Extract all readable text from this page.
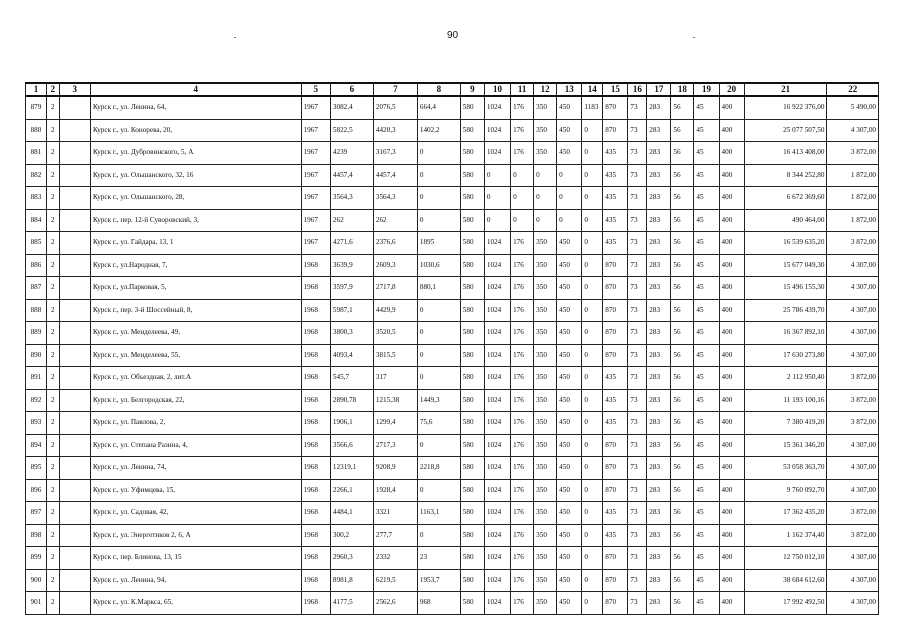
90
1	2	3	4	5	6	7	8	9	10	11	12	13	14	15	16	17	18	19	20	21	22
879	2		Курск г., ул. Ленина, 64,	1967	3082,4	2076,5	664,4	580	1024	176	350	450	1183	870	73	283	56	45	400	16 922 376,00	5 490,00
880	2		Курск г., ул. Конорева, 20,	1967	5822,5	4420,3	1402,2	580	1024	176	350	450	0	870	73	283	56	45	400	25 077 507,50	4 307,00
881	2		Курск г., ул. Дубровинского, 5, А	1967	4239	3167,3	0	580	1024	176	350	450	0	435	73	283	56	45	400	16 413 408,00	3 872,00
882	2		Курск г., ул. Ольшанского, 32, 16	1967	4457,4	4457,4	0	580	0	0	0	0	0	435	73	283	56	45	400	8 344 252,80	1 872,00
883	2		Курск г., ул. Ольшанского, 28,	1967	3564,3	3564,3	0	580	0	0	0	0	0	435	73	283	56	45	400	6 672 369,60	1 872,00
884	2		Курск г., пер. 12-й Суворовский, 3,	1967	262	262	0	580	0	0	0	0	0	435	73	283	56	45	400	490 464,00	1 872,00
885	2		Курск г., ул. Гайдара, 13, 1	1967	4271,6	2376,6	1895	580	1024	176	350	450	0	435	73	283	56	45	400	16 539 635,20	3 872,00
886	2		Курск г., ул.Народная, 7,	1968	3639,9	2609,3	1030,6	580	1024	176	350	450	0	870	73	283	56	45	400	15 677 049,30	4 307,00
887	2		Курск г., ул.Парковая, 5,	1968	3597,9	2717,8	880,1	580	1024	176	350	450	0	870	73	283	56	45	400	15 496 155,30	4 307,00
888	2		Курск г., пер. 3-й Шоссейный, 8,	1968	5987,1	4429,9	0	580	1024	176	350	450	0	870	73	283	56	45	400	25 786 439,70	4 307,00
889	2		Курск г., ул. Менделеева, 49,	1968	3800,3	3520,5	0	580	1024	176	350	450	0	870	73	283	56	45	400	16 367 892,10	4 307,00
890	2		Курск г., ул. Менделеева, 55,	1968	4093,4	3815,5	0	580	1024	176	350	450	0	870	73	283	56	45	400	17 630 273,80	4 307,00
891	2		Курск г., ул. Объездная, 2, лит.А	1968	545,7	317	0	580	1024	176	350	450	0	435	73	283	56	45	400	2 112 950,40	3 872,00
892	2		Курск г., ул. Белгородская, 22,	1968	2890,78	1215,38	1449,3	580	1024	176	350	450	0	435	73	283	56	45	400	11 193 100,16	3 872,00
893	2		Курск г., ул. Павлова, 2,	1968	1906,1	1299,4	75,6	580	1024	176	350	450	0	435	73	283	56	45	400	7 380 419,20	3 872,00
894	2		Курск г., ул. Степана Разина, 4,	1968	3566,6	2717,3	0	580	1024	176	350	450	0	870	73	283	56	45	400	15 361 346,20	4 307,00
895	2		Курск г., ул. Ленина, 74,	1968	12319,1	9208,9	2218,8	580	1024	176	350	450	0	870	73	283	56	45	400	53 058 363,70	4 307,00
896	2		Курск г., ул. Уфимцева, 15,	1968	2266,1	1928,4	0	580	1024	176	350	450	0	870	73	283	56	45	400	9 760 092,70	4 307,00
897	2		Курск г., ул. Садовая, 42,	1968	4484,1	3321	1163,1	580	1024	176	350	450	0	435	73	283	56	45	400	17 362 435,20	3 872,00
898	2		Курск г., ул. Энергетиков 2, 6, А	1968	300,2	277,7	0	580	1024	176	350	450	0	435	73	283	56	45	400	1 162 374,40	3 872,00
899	2		Курск г., пер. Блинова, 13, 15	1968	2960,3	2332	23	580	1024	176	350	450	0	870	73	283	56	45	400	12 750 012,10	4 307,00
900	2		Курск г., ул. Ленина, 94,	1968	8981,8	6219,5	1953,7	580	1024	176	350	450	0	870	73	283	56	45	400	38 684 612,60	4 307,00
901	2		Курск г., ул. К.Маркса, 65,	1968	4177,5	2562,6	968	580	1024	176	350	450	0	870	73	283	56	45	400	17 992 492,50	4 307,00
